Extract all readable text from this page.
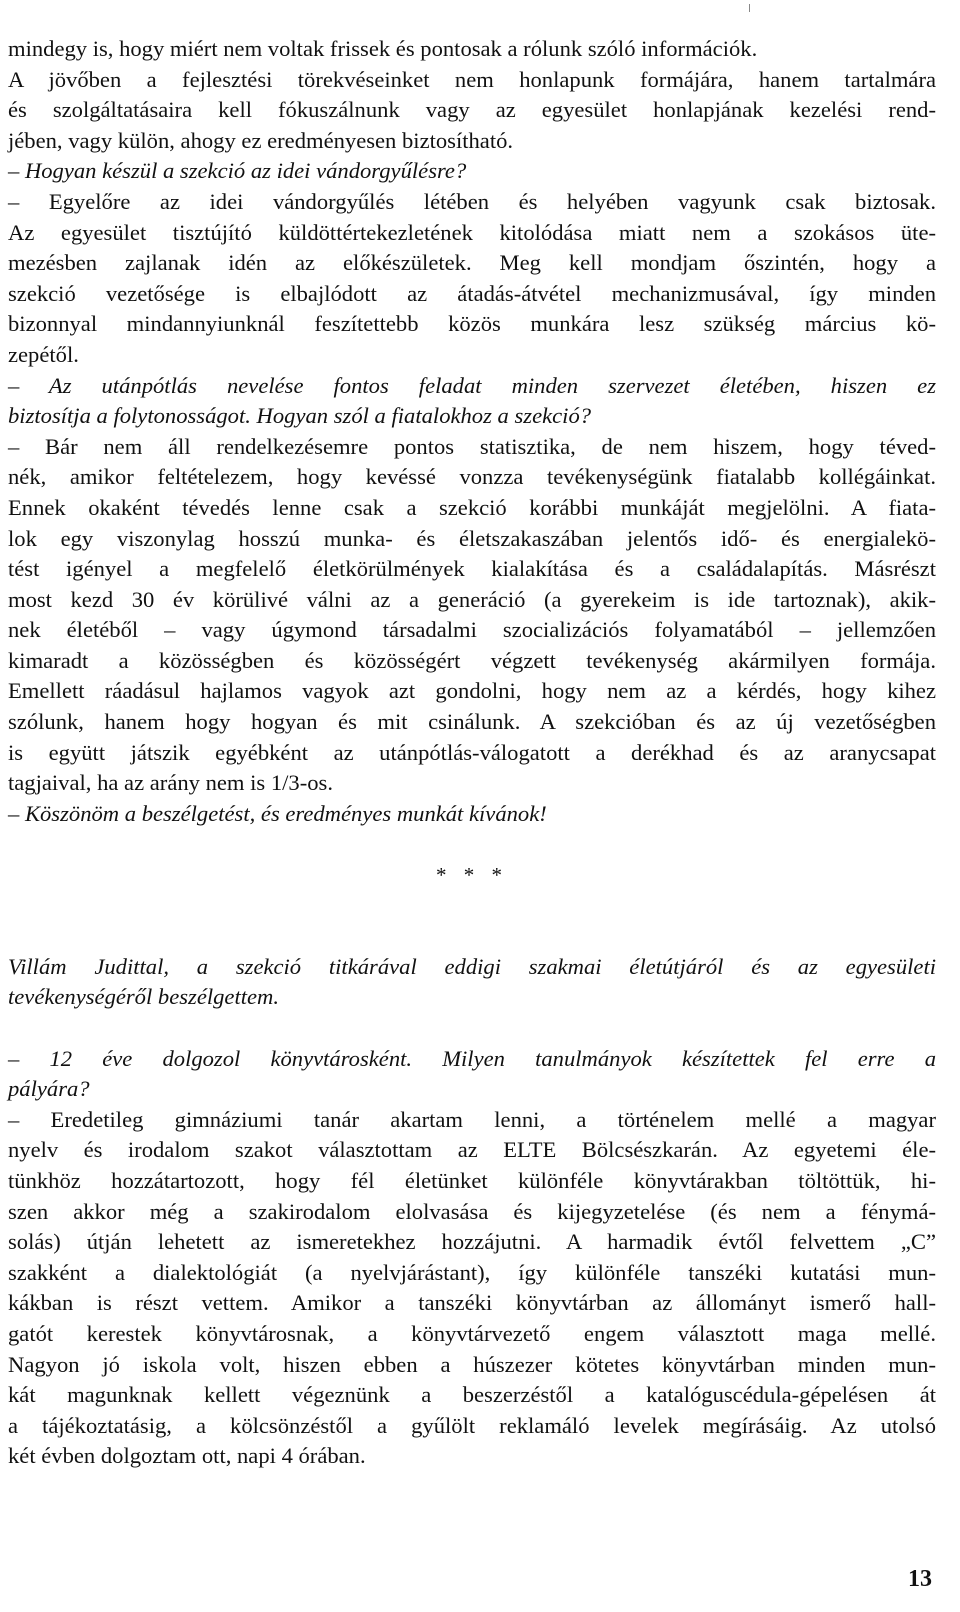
mindegy is, hogy miért nem voltak frissek és pontosak a rólunk szóló információk.
A jövőben a fejlesztési törekvéseinket nem honlapunk formájára, hanem tartalmára
és szolgáltatásaira kell fókuszálnunk vagy az egyesület honlapjának kezelési rend-
jében, vagy külön, ahogy ez eredményesen biztosítható.
– Hogyan készül a szekció az idei vándorgyűlésre?
– Egyelőre az idei vándorgyűlés létében és helyében vagyunk csak biztosak.
Az egyesület tisztújító küldöttértekezletének kitolódása miatt nem a szokásos üte-
mezésben zajlanak idén az előkészületek. Meg kell mondjam őszintén, hogy a
szekció vezetősége is elbajlódott az átadás-átvétel mechanizmusával, így minden
bizonnyal mindannyiunknál feszítettebb közös munkára lesz szükség március kö-
zepétől.
– Az utánpótlás nevelése fontos feladat minden szervezet életében, hiszen ez
biztosítja a folytonosságot. Hogyan szól a fiatalokhoz a szekció?
– Bár nem áll rendelkezésemre pontos statisztika, de nem hiszem, hogy téved-
nék, amikor feltételezem, hogy kevéssé vonzza tevékenységünk fiatalabb kollégáinkat.
Ennek okaként tévedés lenne csak a szekció korábbi munkáját megjelölni. A fiata-
lok egy viszonylag hosszú munka- és életszakaszában jelentős idő- és energialekö-
tést igényel a megfelelő életkörülmények kialakítása és a családalapítás. Másrészt
most kezd 30 év körülivé válni az a generáció (a gyerekeim is ide tartoznak), akik-
nek életéből – vagy úgymond társadalmi szocializációs folyamatából – jellemzően
kimaradt a közösségben és közösségért végzett tevékenység akármilyen formája.
Emellett ráadásul hajlamos vagyok azt gondolni, hogy nem az a kérdés, hogy kihez
szólunk, hanem hogy hogyan és mit csinálunk. A szekcióban és az új vezetőségben
is együtt játszik egyébként az utánpótlás-válogatott a derékhad és az aranycsapat
tagjaival, ha az arány nem is 1/3-os.
– Köszönöm a beszélgetést, és eredményes munkát kívánok!
* * *
Villám Judittal, a szekció titkárával eddigi szakmai életútjáról és az egyesületi
tevékenységéről beszélgettem.
– 12 éve dolgozol könyvtárosként. Milyen tanulmányok készítettek fel erre a
pályára?
– Eredetileg gimnáziumi tanár akartam lenni, a történelem mellé a magyar
nyelv és irodalom szakot választottam az ELTE Bölcsészkarán. Az egyetemi éle-
tünkhöz hozzátartozott, hogy fél életünket különféle könyvtárakban töltöttük, hi-
szen akkor még a szakirodalom elolvasása és kijegyzetelése (és nem a fénymá-
solás) útján lehetett az ismeretekhez hozzájutni. A harmadik évtől felvettem „C”
szakként a dialektológiát (a nyelvjárástant), így különféle tanszéki kutatási mun-
kákban is részt vettem. Amikor a tanszéki könyvtárban az állományt ismerő hall-
gatót kerestek könyvtárosnak, a könyvtárvezető engem választott maga mellé.
Nagyon jó iskola volt, hiszen ebben a húszezer kötetes könyvtárban minden mun-
kát magunknak kellett végeznünk a beszerzéstől a katalóguscédula-gépelésen át
a tájékoztatásig, a kölcsönzéstől a gyűlölt reklamáló levelek megírásáig. Az utolsó
két évben dolgoztam ott, napi 4 órában.
13
